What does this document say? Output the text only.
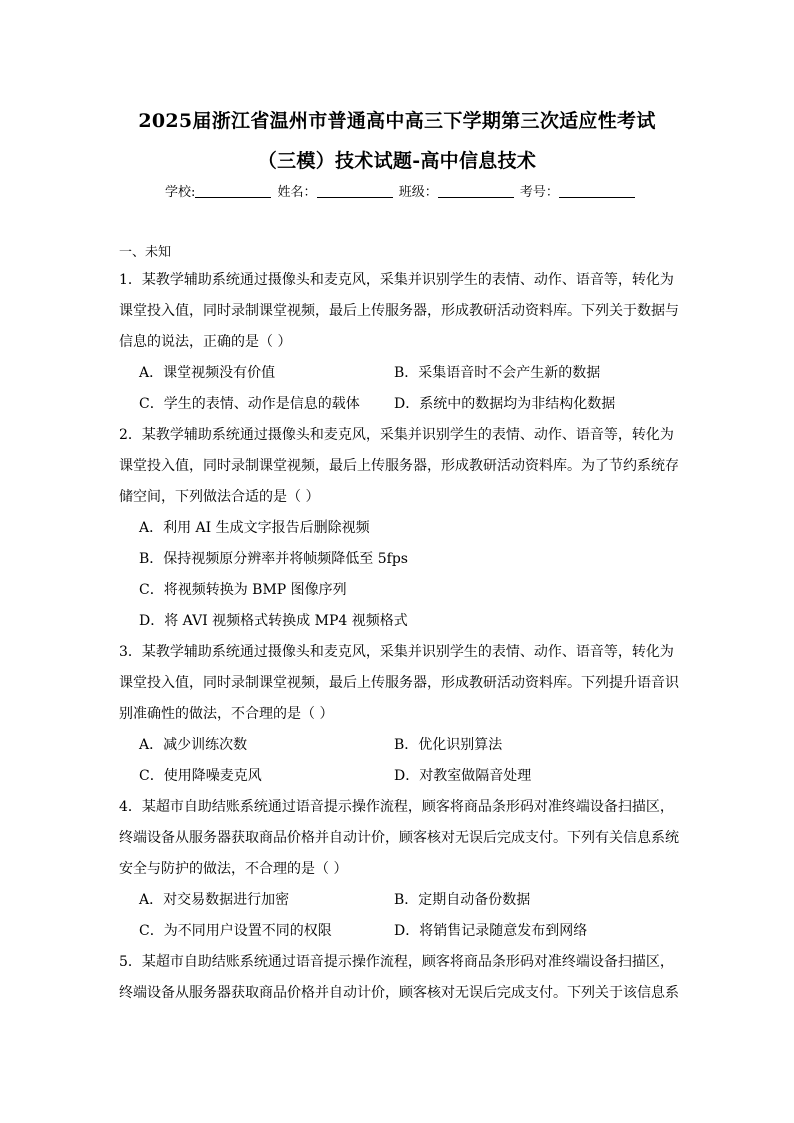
2025届浙江省温州市普通高中高三下学期第三次适应性考试
（三模）技术试题-高中信息技术
学校:	姓名：	班级：	考号：
一、未知
1．某教学辅助系统通过摄像头和麦克风，采集并识别学生的表情、动作、语音等，转化为
课堂投入值，同时录制课堂视频，最后上传服务器，形成教研活动资料库。下列关于数据与
信息的说法，正确的是（ ）
A．课堂视频没有价值	B．采集语音时不会产生新的数据
C．学生的表情、动作是信息的载体	D．系统中的数据均为非结构化数据
2．某教学辅助系统通过摄像头和麦克风，采集并识别学生的表情、动作、语音等，转化为
课堂投入值，同时录制课堂视频，最后上传服务器，形成教研活动资料库。为了节约系统存
储空间，下列做法合适的是（ ）
A．利用 AI 生成文字报告后删除视频
B．保持视频原分辨率并将帧频降低至 5fps
C．将视频转换为 BMP 图像序列
D．将 AVI 视频格式转换成 MP4 视频格式
3．某教学辅助系统通过摄像头和麦克风，采集并识别学生的表情、动作、语音等，转化为
课堂投入值，同时录制课堂视频，最后上传服务器，形成教研活动资料库。下列提升语音识
别准确性的做法，不合理的是（ ）
A．减少训练次数	B．优化识别算法
C．使用降噪麦克风	D．对教室做隔音处理
4．某超市自助结账系统通过语音提示操作流程，顾客将商品条形码对准终端设备扫描区，
终端设备从服务器获取商品价格并自动计价，顾客核对无误后完成支付。下列有关信息系统
安全与防护的做法，不合理的是（ ）
A．对交易数据进行加密	B．定期自动备份数据
C．为不同用户设置不同的权限	D．将销售记录随意发布到网络
5．某超市自助结账系统通过语音提示操作流程，顾客将商品条形码对准终端设备扫描区，
终端设备从服务器获取商品价格并自动计价，顾客核对无误后完成支付。下列关于该信息系
